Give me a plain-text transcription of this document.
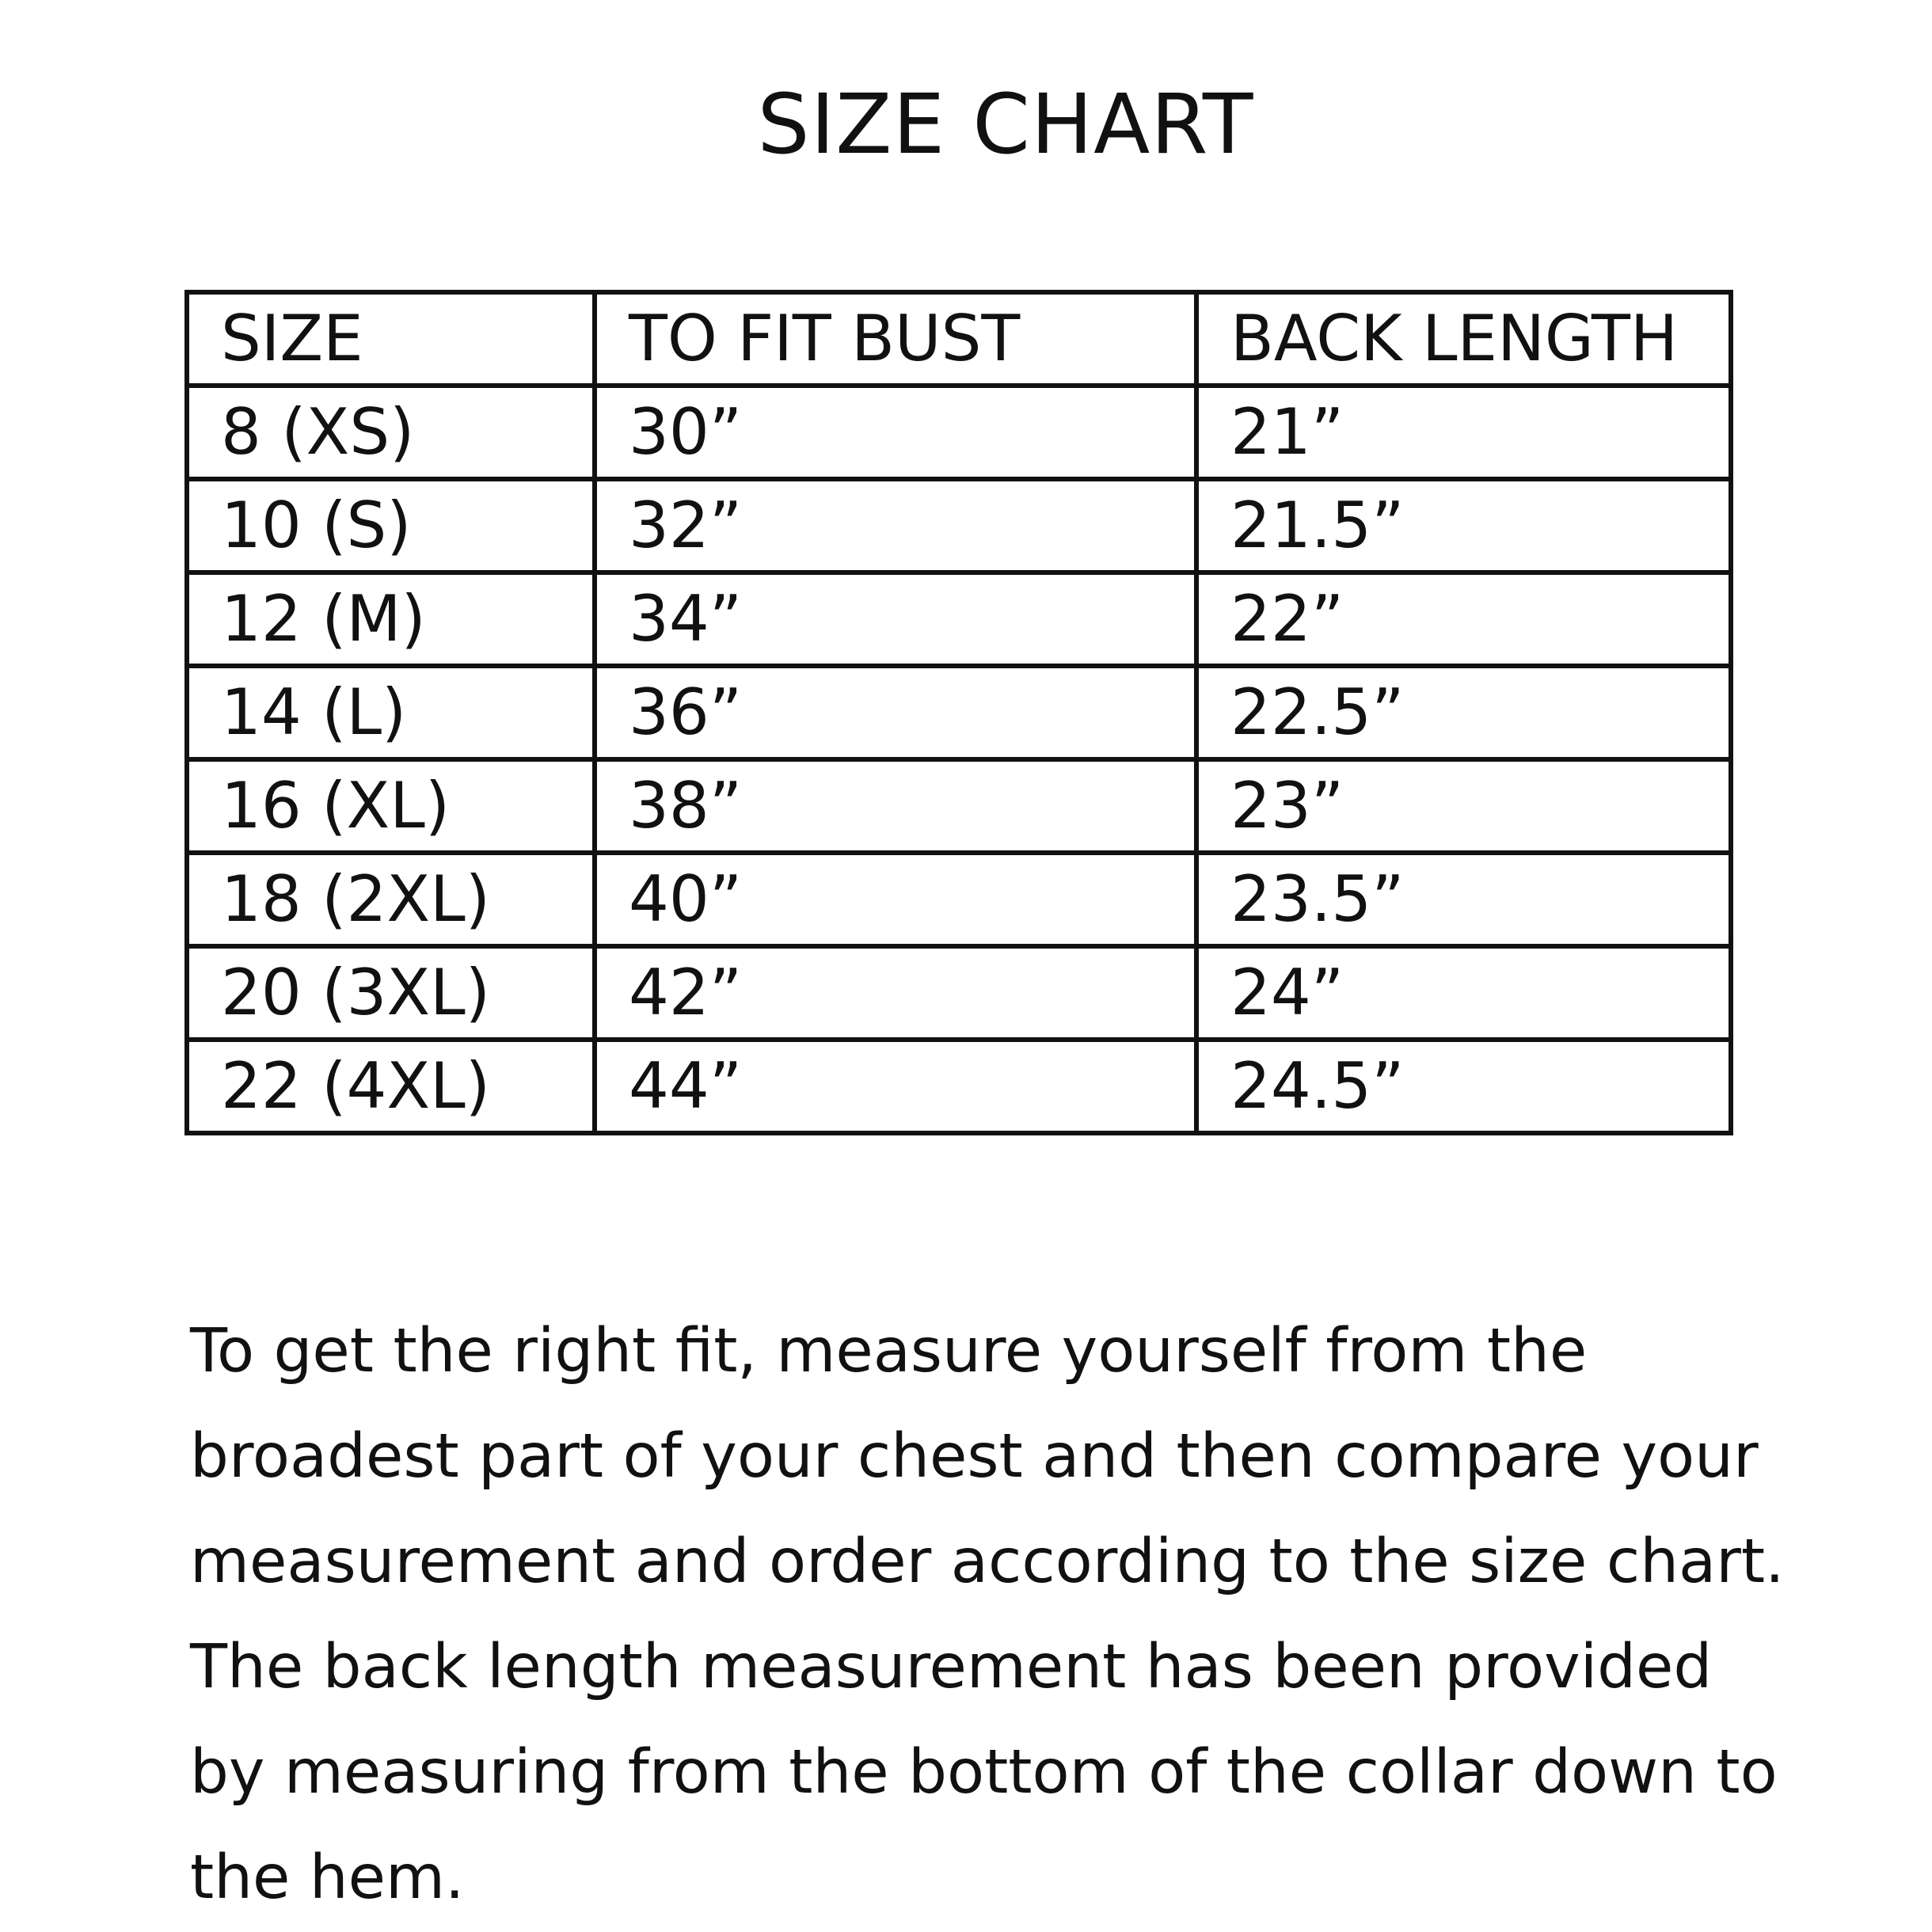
SIZE CHART
SIZE	TO FIT BUST	BACK LENGTH
8 (XS)	30”	21”
10 (S)	32”	21.5”
12 (M)	34”	22”
14 (L)	36”	22.5”
16 (XL)	38”	23”
18 (2XL)	40”	23.5”
20 (3XL)	42”	24”
22 (4XL)	44”	24.5”

To get the right fit, measure yourself from the broadest part of your chest and then compare your measurement and order according to the size chart. The back length measurement has been provided by measuring from the bottom of the collar down to the hem.
